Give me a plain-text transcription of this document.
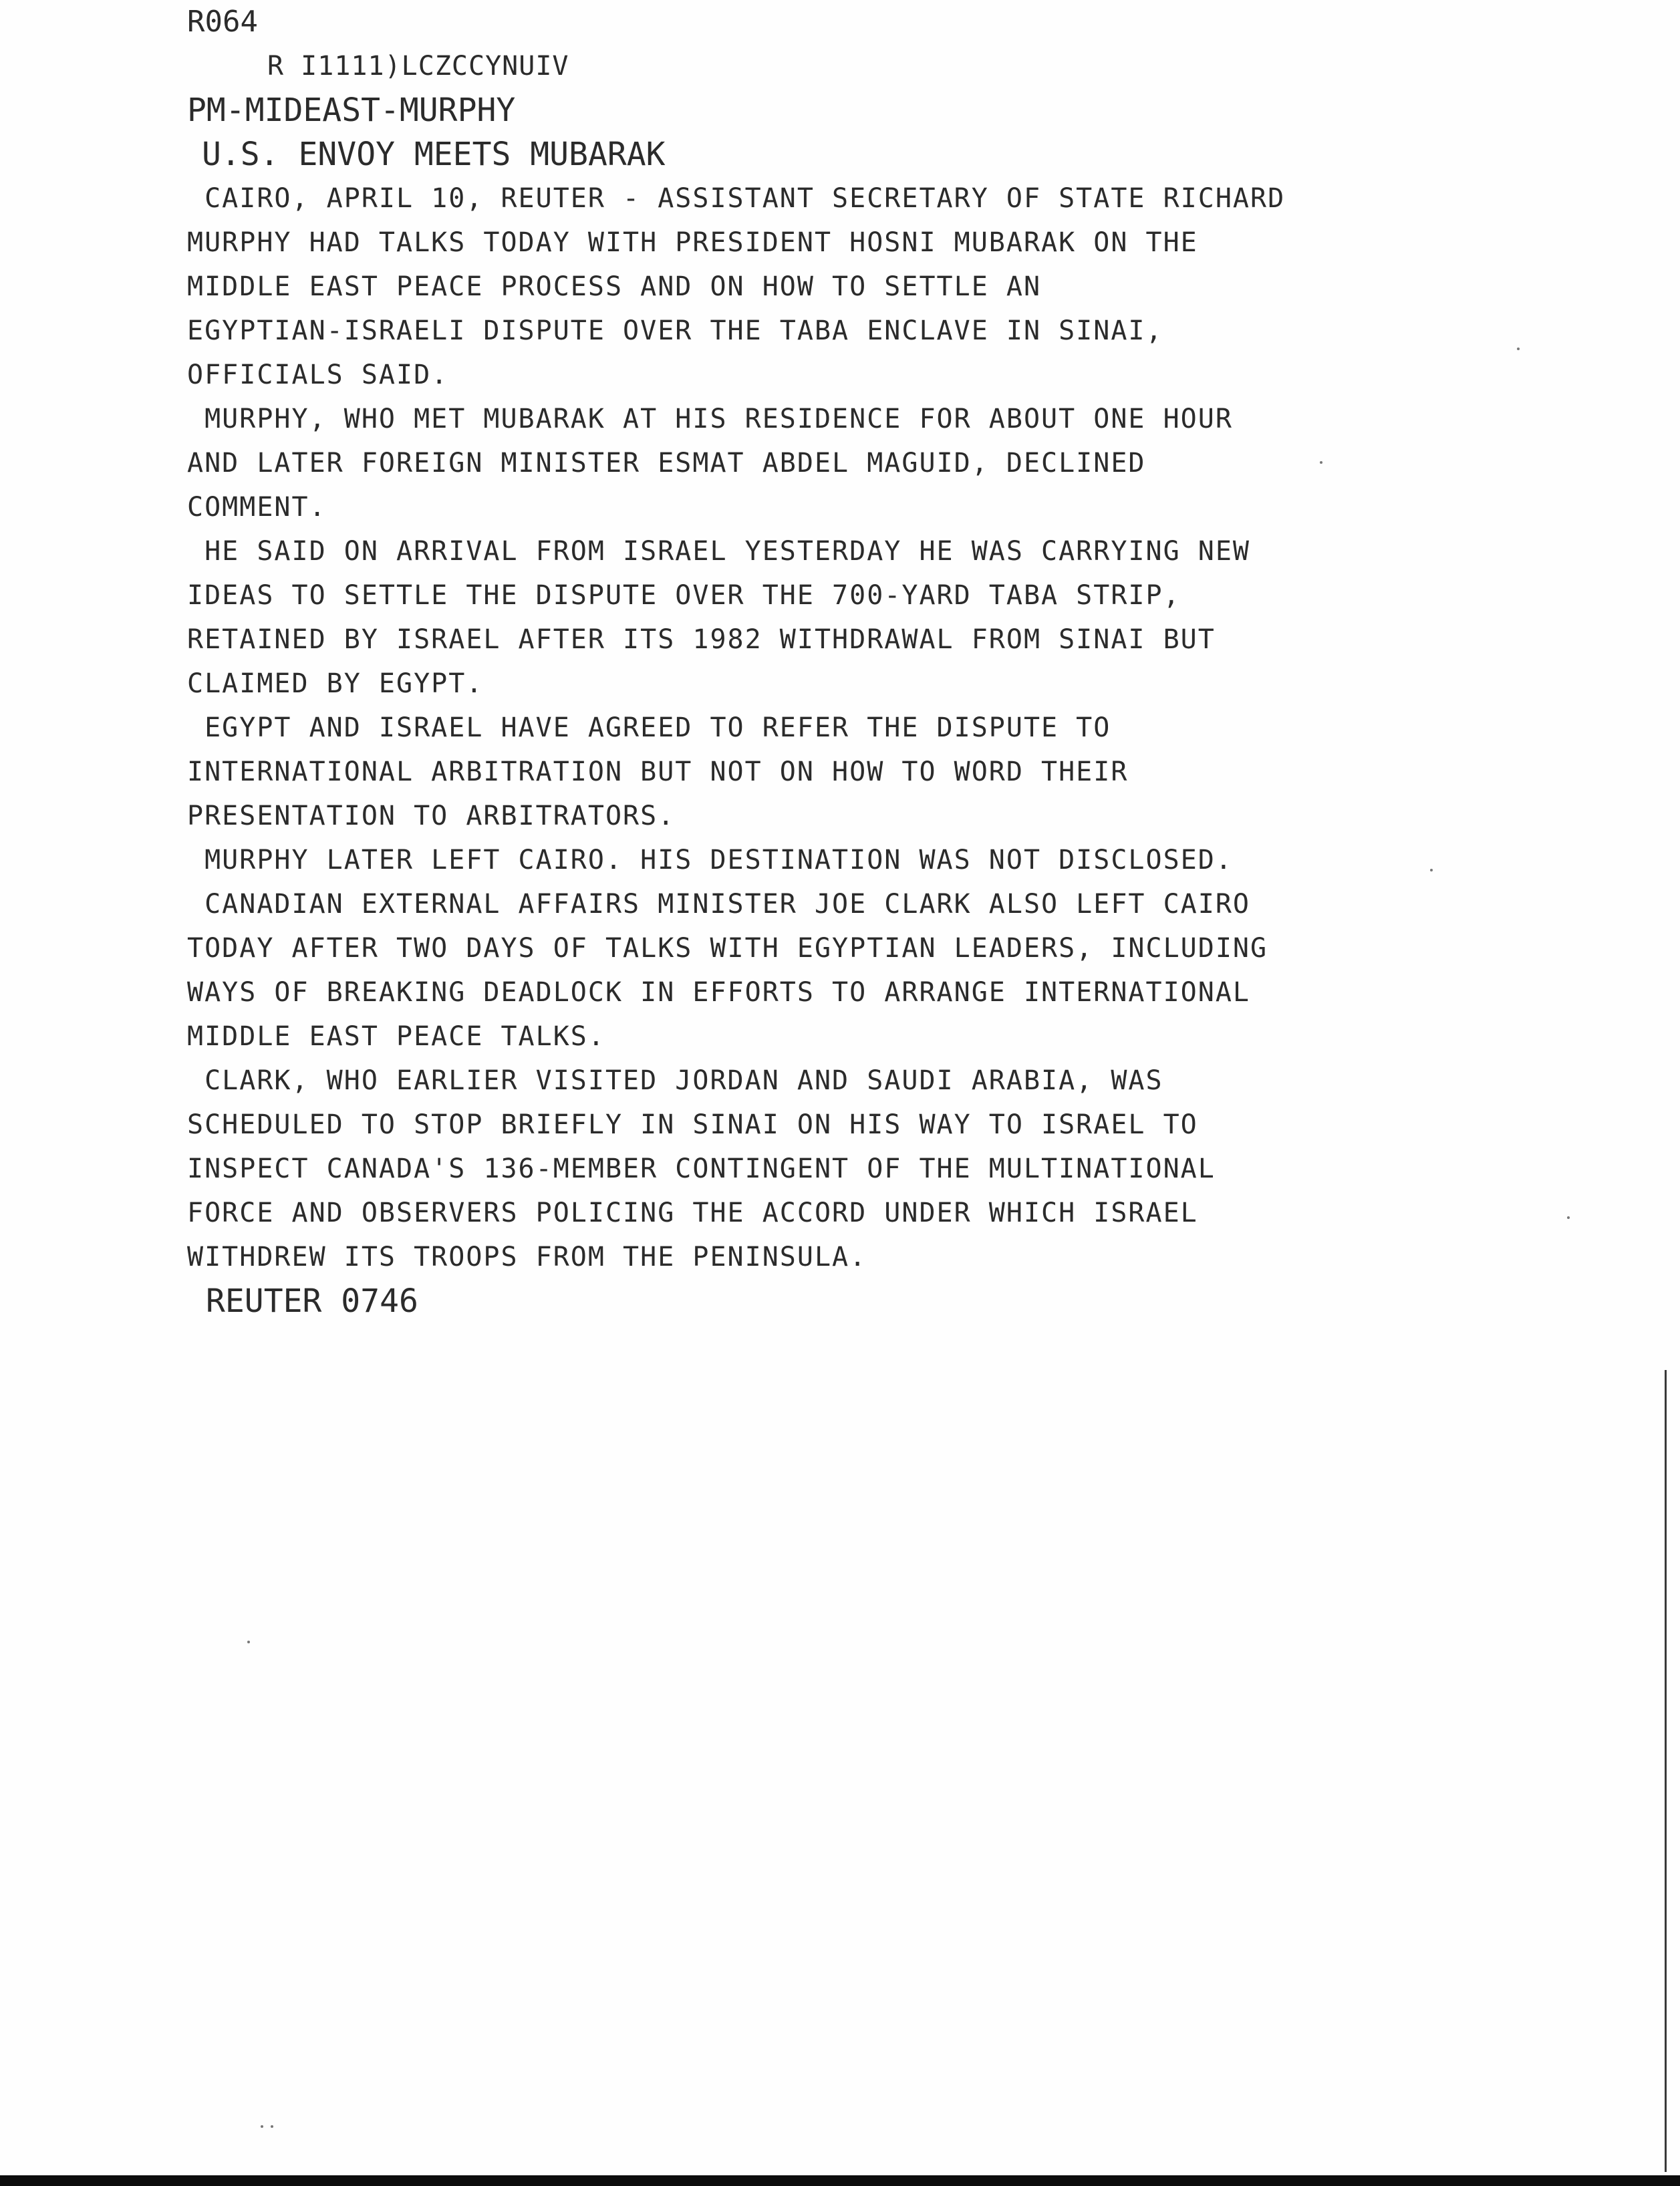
R064
R I1111)LCZCCYNUIV
PM-MIDEAST-MURPHY
U.S. ENVOY MEETS MUBARAK
CAIRO, APRIL 10, REUTER - ASSISTANT SECRETARY OF STATE RICHARD
MURPHY HAD TALKS TODAY WITH PRESIDENT HOSNI MUBARAK ON THE
MIDDLE EAST PEACE PROCESS AND ON HOW TO SETTLE AN
EGYPTIAN-ISRAELI DISPUTE OVER THE TABA ENCLAVE IN SINAI,
OFFICIALS SAID.
MURPHY, WHO MET MUBARAK AT HIS RESIDENCE FOR ABOUT ONE HOUR
AND LATER FOREIGN MINISTER ESMAT ABDEL MAGUID, DECLINED
COMMENT.
HE SAID ON ARRIVAL FROM ISRAEL YESTERDAY HE WAS CARRYING NEW
IDEAS TO SETTLE THE DISPUTE OVER THE 700-YARD TABA STRIP,
RETAINED BY ISRAEL AFTER ITS 1982 WITHDRAWAL FROM SINAI BUT
CLAIMED BY EGYPT.
EGYPT AND ISRAEL HAVE AGREED TO REFER THE DISPUTE TO
INTERNATIONAL ARBITRATION BUT NOT ON HOW TO WORD THEIR
PRESENTATION TO ARBITRATORS.
MURPHY LATER LEFT CAIRO. HIS DESTINATION WAS NOT DISCLOSED.
CANADIAN EXTERNAL AFFAIRS MINISTER JOE CLARK ALSO LEFT CAIRO
TODAY AFTER TWO DAYS OF TALKS WITH EGYPTIAN LEADERS, INCLUDING
WAYS OF BREAKING DEADLOCK IN EFFORTS TO ARRANGE INTERNATIONAL
MIDDLE EAST PEACE TALKS.
CLARK, WHO EARLIER VISITED JORDAN AND SAUDI ARABIA, WAS
SCHEDULED TO STOP BRIEFLY IN SINAI ON HIS WAY TO ISRAEL TO
INSPECT CANADA'S 136-MEMBER CONTINGENT OF THE MULTINATIONAL
FORCE AND OBSERVERS POLICING THE ACCORD UNDER WHICH ISRAEL
WITHDREW ITS TROOPS FROM THE PENINSULA.
REUTER 0746
